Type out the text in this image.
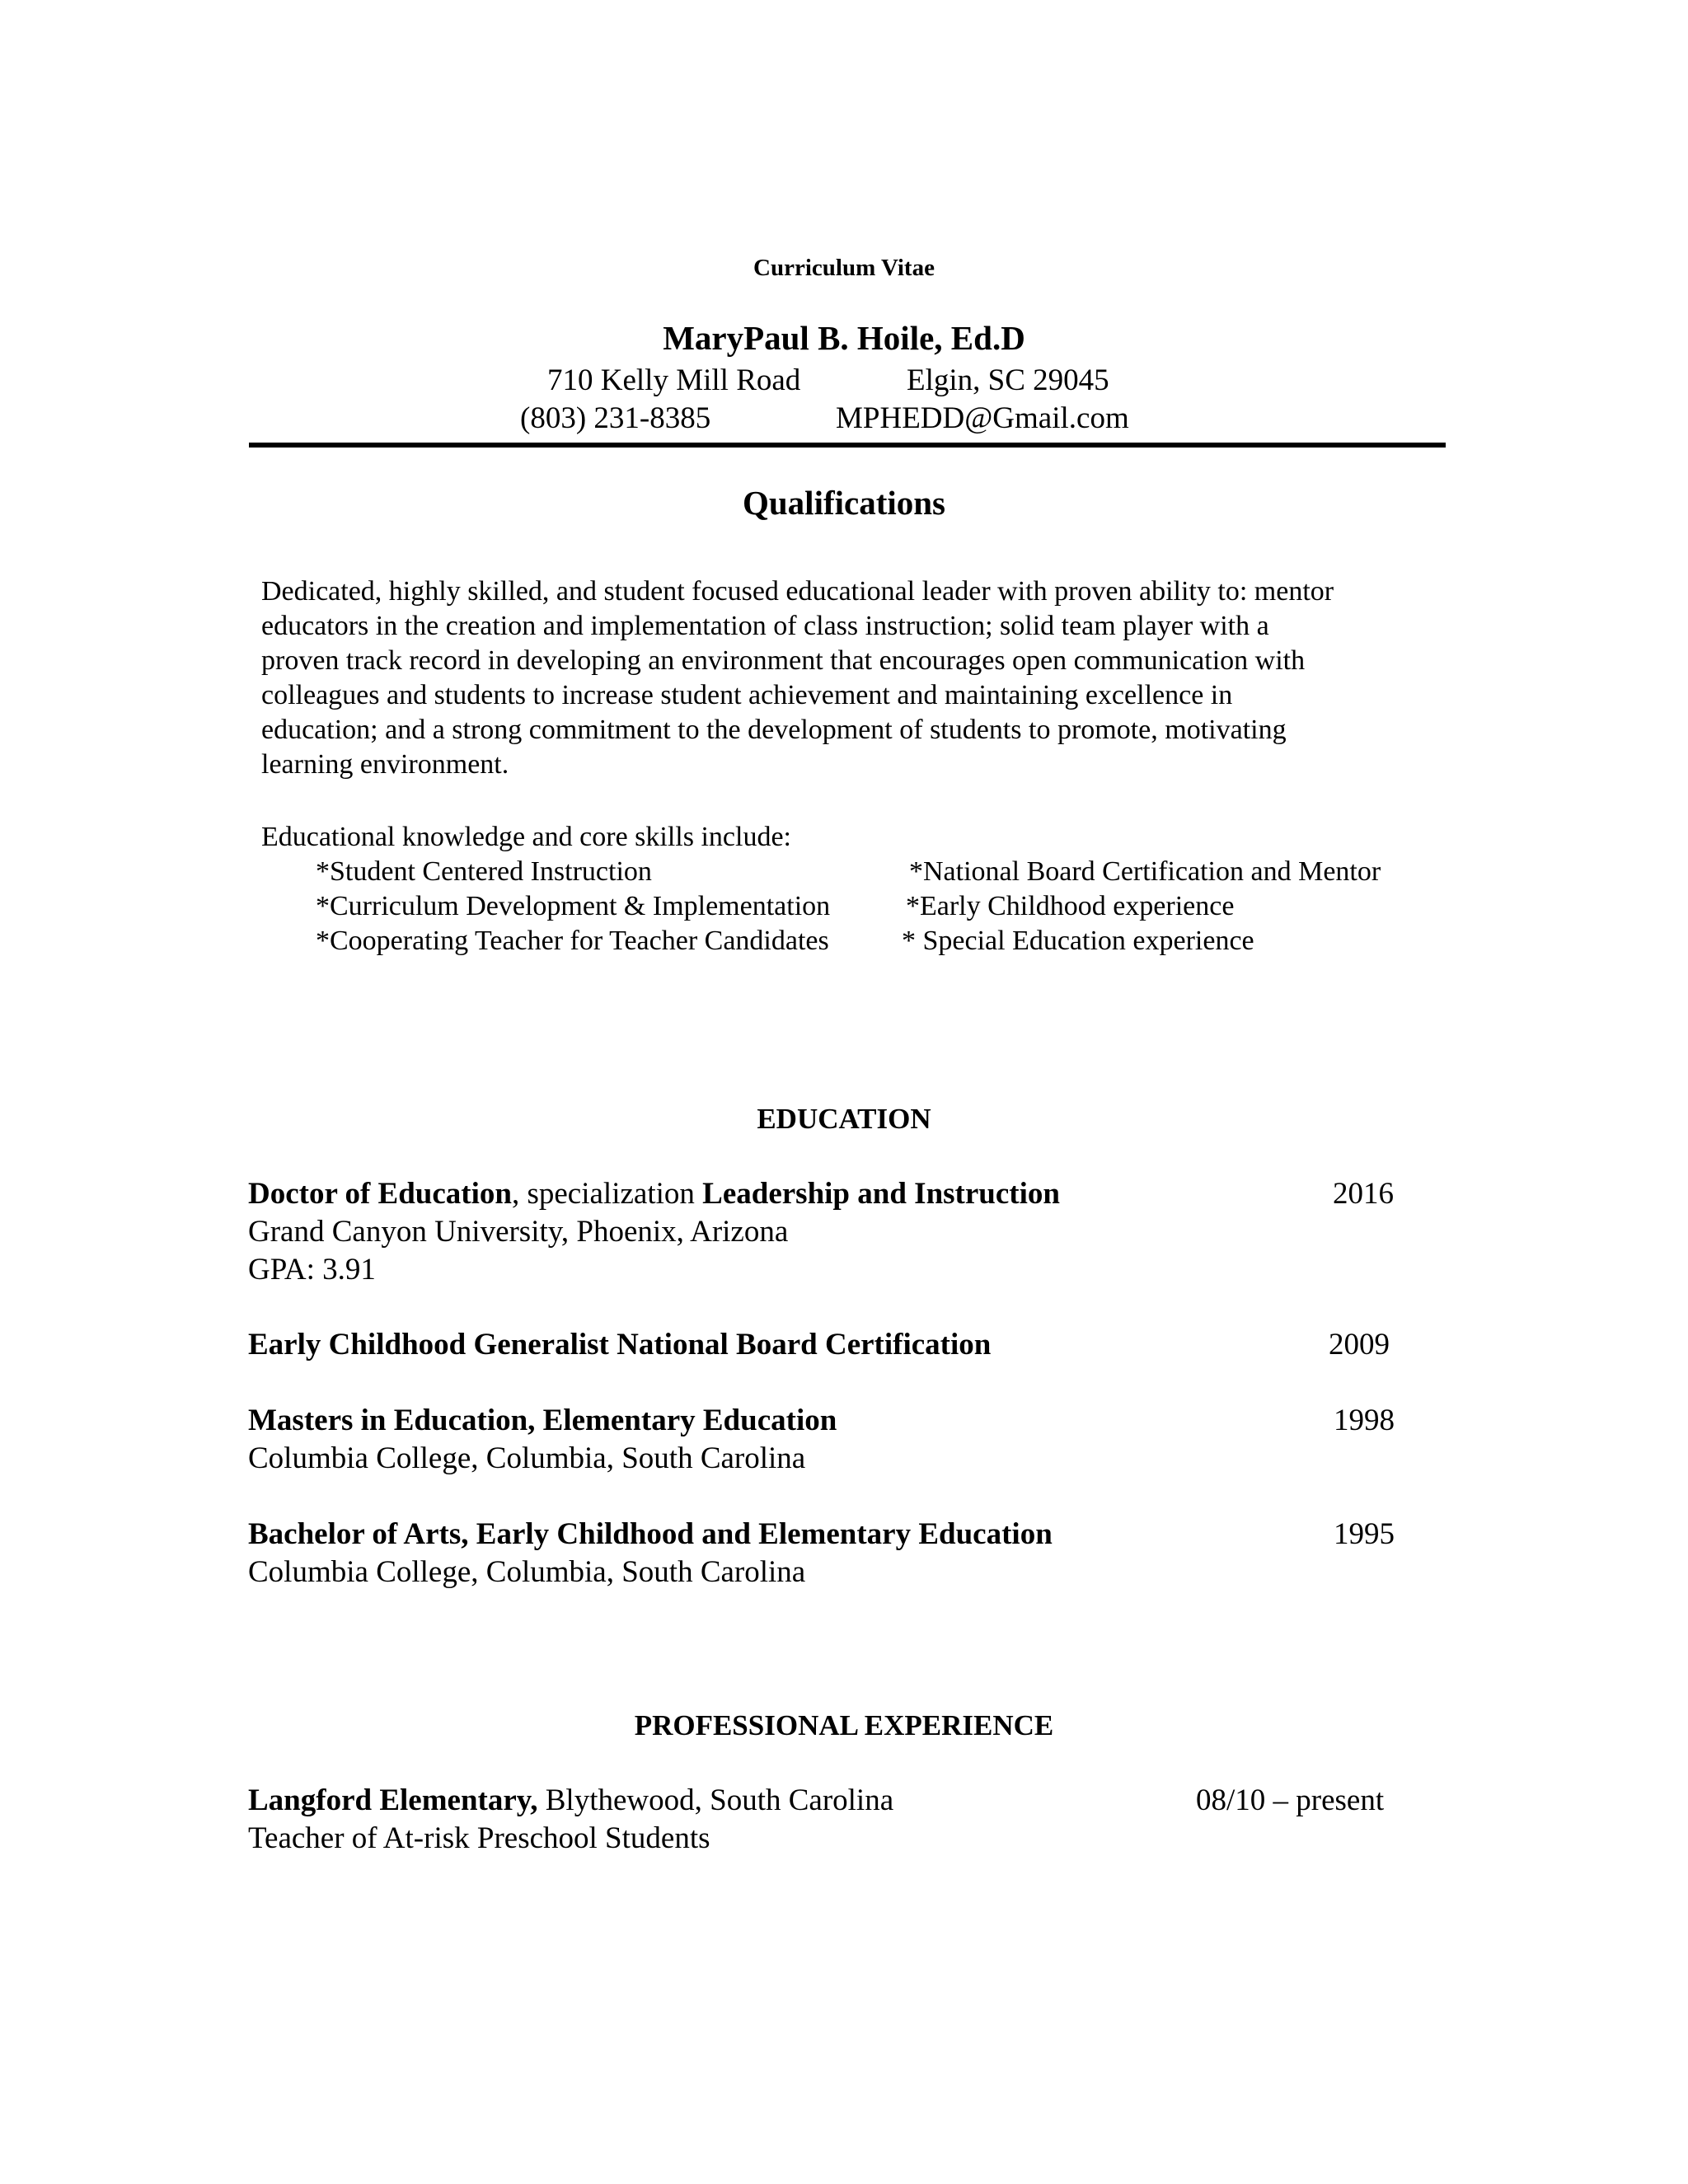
Curriculum Vitae
MaryPaul B. Hoile, Ed.D
710 Kelly Mill Road	Elgin, SC 29045
(803) 231-8385	MPHEDD@Gmail.com
Qualifications
Dedicated, highly skilled, and student focused educational leader with proven ability to: mentor
educators in the creation and implementation of class instruction; solid team player with a
proven track record in developing an environment that encourages open communication with
colleagues and students to increase student achievement and maintaining excellence in
education; and a strong commitment to the development of students to promote, motivating
learning environment.
Educational knowledge and core skills include:
*Student Centered Instruction
*Curriculum Development & Implementation
*Cooperating Teacher for Teacher Candidates
*National Board Certification and Mentor
*Early Childhood experience
* Special Education experience
EDUCATION
Doctor of Education, specialization Leadership and Instruction	2016
Grand Canyon University, Phoenix, Arizona
GPA: 3.91
Early Childhood Generalist National Board Certification	2009
Masters in Education, Elementary Education	1998
Columbia College, Columbia, South Carolina
Bachelor of Arts, Early Childhood and Elementary Education	1995
Columbia College, Columbia, South Carolina
PROFESSIONAL EXPERIENCE
Langford Elementary, Blythewood, South Carolina	08/10 – present
Teacher of At-risk Preschool Students
